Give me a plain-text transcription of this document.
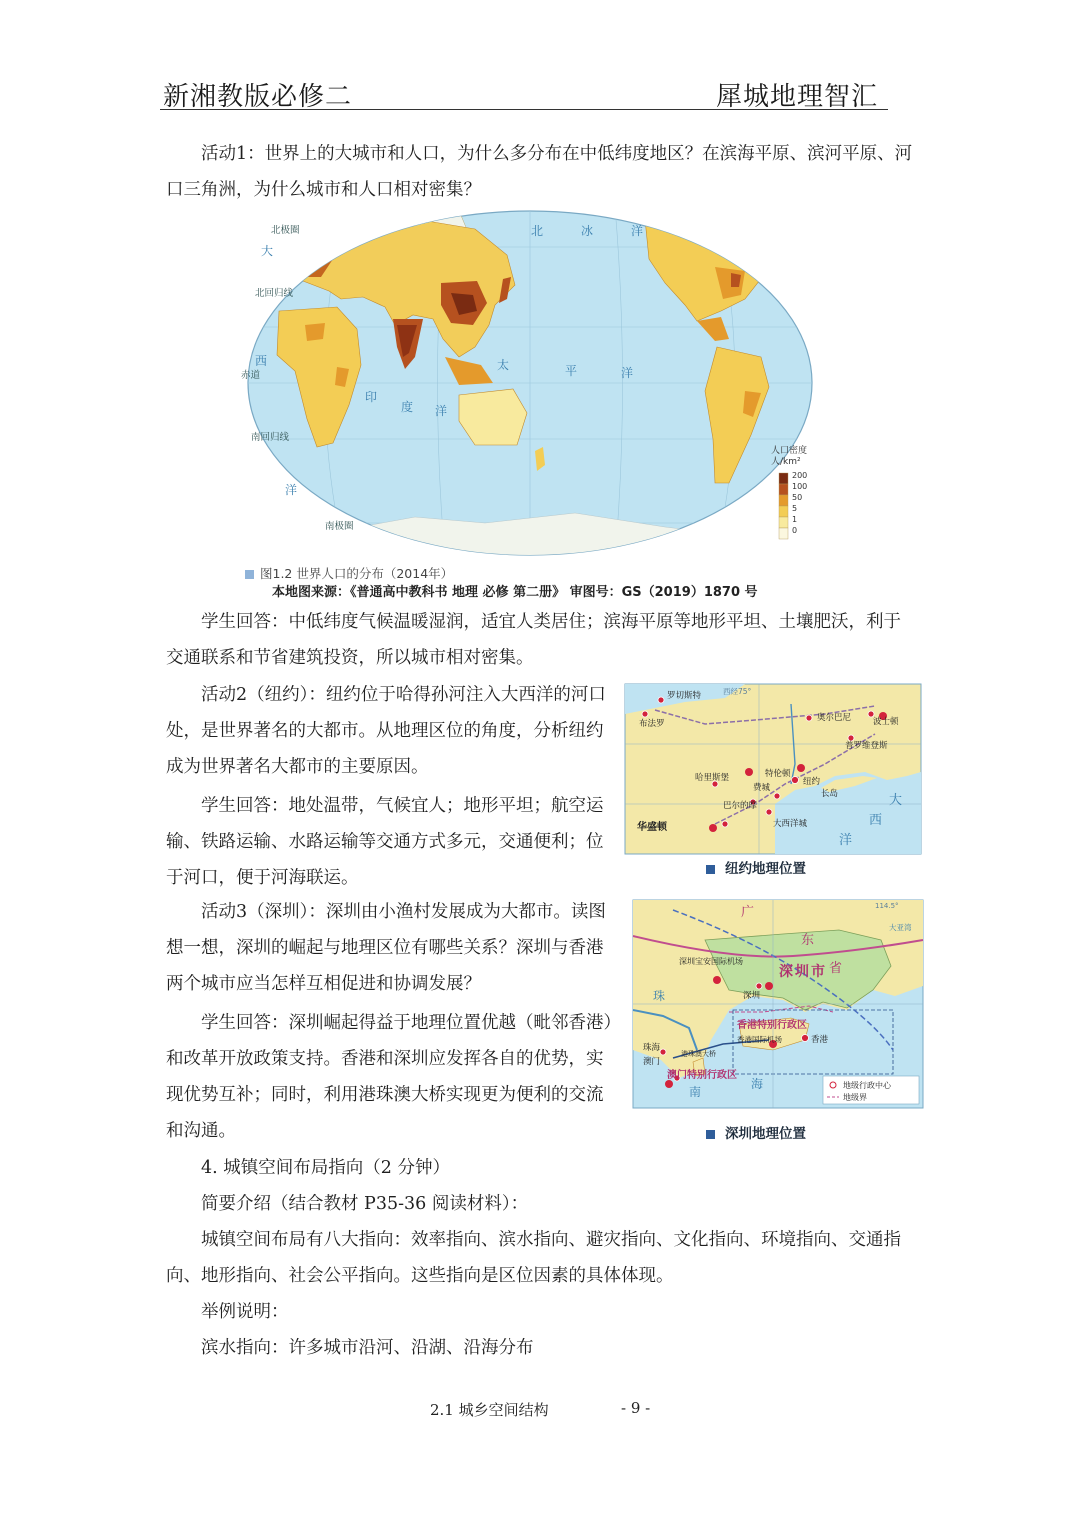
新湘教版必修二	犀城地理智汇

活动1：世界上的大城市和人口，为什么多分布在中低纬度地区？在滨海平原、滨河平原、河口三角洲，为什么城市和人口相对密集？

北极圈
北回归线
赤道
南回归线
南极圈
北	冰	洋
大
西
洋
太	平	洋
印
度 洋
人口密度
人/km²
200
100
50
5
1
0
图1.2 世界人口的分布（2014年）
本地图来源：《普通高中教科书 地理 必修 第二册》 审图号：GS（2019）1870 号

学生回答：中低纬度气候温暖湿润，适宜人类居住；滨海平原等地形平坦、土壤肥沃，利于交通联系和节省建筑投资，所以城市相对密集。

活动2（纽约）：纽约位于哈得孙河注入大西洋的河口处，是世界著名的大都市。从地理区位的角度，分析纽约成为世界著名大都市的主要原因。

学生回答：地处温带，气候宜人；地形平坦；航空运输、铁路运输、水路运输等交通方式多元，交通便利；位于河口，便于河海联运。

罗切斯特
布法罗
奥尔巴尼	波士顿
普罗维登斯
哈里斯堡	纽约
长岛
特伦顿
巴尔的摩
费城
大西洋城
西经75°
华盛顿
大
西
洋
纽约地理位置

活动3（深圳）：深圳由小渔村发展成为大都市。读图想一想，深圳的崛起与地理区位有哪些关系？深圳与香港两个城市应当怎样互相促进和协调发展？

学生回答：深圳崛起得益于地理位置优越（毗邻香港）和改革开放政策支持。香港和深圳应发挥各自的优势，实现优势互补；同时，利用港珠澳大桥实现更为便利的交流和沟通。

广
东
省
深 圳 市
深圳宝安国际机场
深圳
珠
珠海
澳门
香港
香港国际机场
香港特别行政区
澳门特别行政区
港珠澳大桥
南
海
大亚湾
114.5°
地级行政中心
地级界
深圳地理位置

4. 城镇空间布局指向（2 分钟）

简要介绍（结合教材 P35-36 阅读材料）：

城镇空间布局有八大指向：效率指向、滨水指向、避灾指向、文化指向、环境指向、交通指向、地形指向、社会公平指向。这些指向是区位因素的具体体现。

举例说明：

滨水指向：许多城市沿河、沿湖、沿海分布

2.1 城乡空间结构	- 9 -
